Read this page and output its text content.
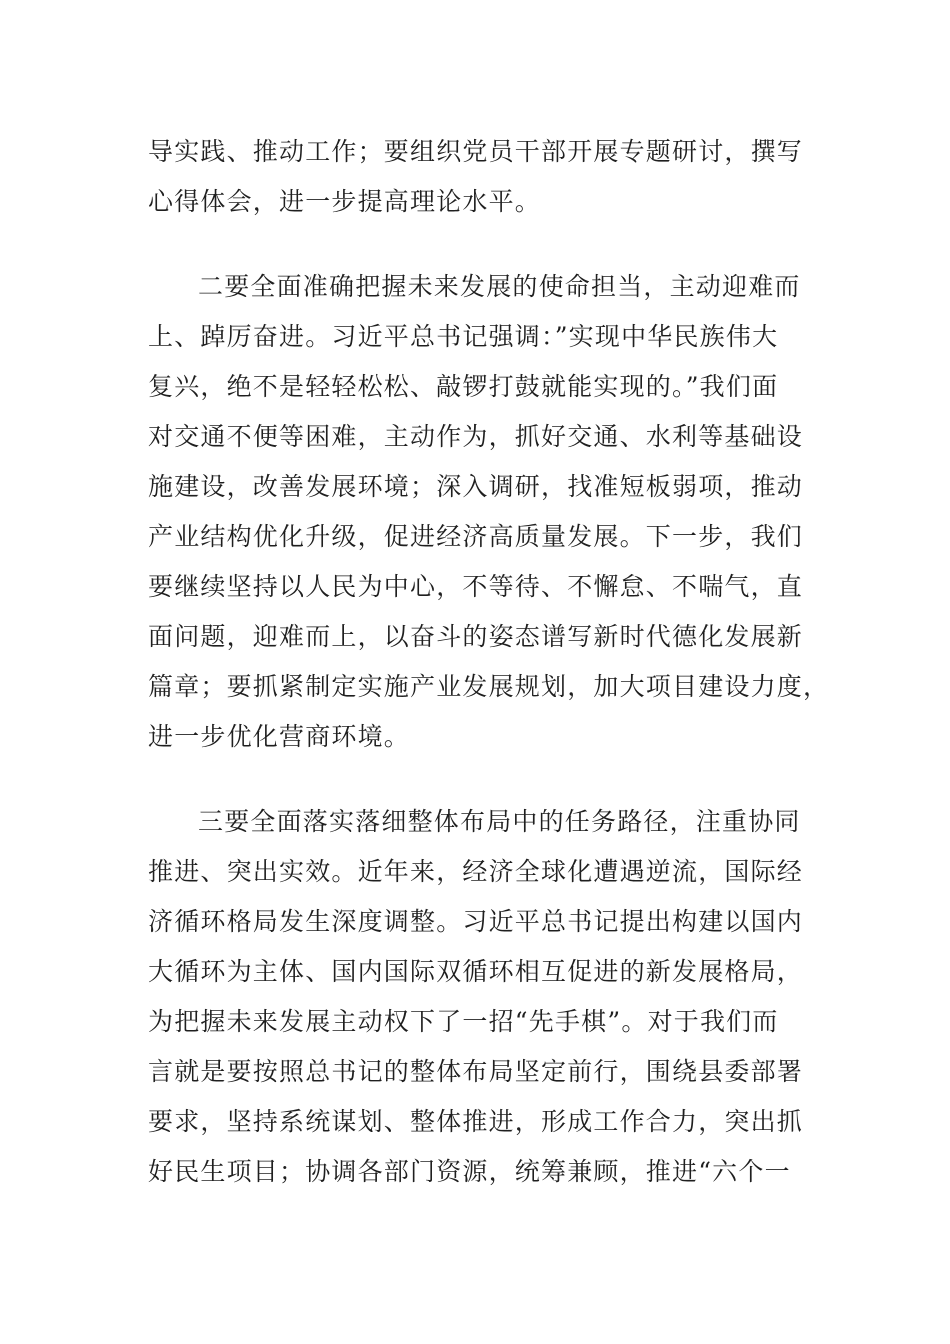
导实践、推动工作；要组织党员干部开展专题研讨，撰写
心得体会，进一步提高理论水平。
二要全面准确把握未来发展的使命担当，主动迎难而
上、踔厉奋进。习近平总书记强调：”实现中华民族伟大
复兴，绝不是轻轻松松、敲锣打鼓就能实现的。”我们面
对交通不便等困难，主动作为，抓好交通、水利等基础设
施建设，改善发展环境；深入调研，找准短板弱项，推动
产业结构优化升级，促进经济高质量发展。下一步，我们
要继续坚持以人民为中心，不等待、不懈怠、不喘气，直
面问题，迎难而上，以奋斗的姿态谱写新时代德化发展新
篇章；要抓紧制定实施产业发展规划，加大项目建设力度，
进一步优化营商环境。
三要全面落实落细整体布局中的任务路径，注重协同
推进、突出实效。近年来，经济全球化遭遇逆流，国际经
济循环格局发生深度调整。习近平总书记提出构建以国内
大循环为主体、国内国际双循环相互促进的新发展格局，
为把握未来发展主动权下了一招“先手棋”。对于我们而
言就是要按照总书记的整体布局坚定前行，围绕县委部署
要求，坚持系统谋划、整体推进，形成工作合力，突出抓
好民生项目；协调各部门资源，统筹兼顾，推进“六个一
